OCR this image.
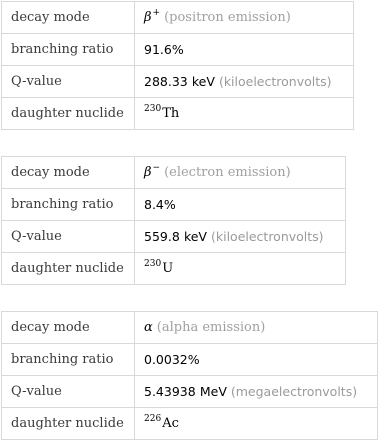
decay mode	β+ (positron emission)
branching ratio	91.6%
Q-value	288.33 keV (kiloelectronvolts)
daughter nuclide	$^{230}$Th
decay mode	β− (electron emission)
branching ratio	8.4%
Q-value	559.8 keV (kiloelectronvolts)
daughter nuclide	$^{230}$U
decay mode	α (alpha emission)
branching ratio	0.0032%
Q-value	5.43938 MeV (megaelectronvolts)
daughter nuclide	$^{226}$Ac
